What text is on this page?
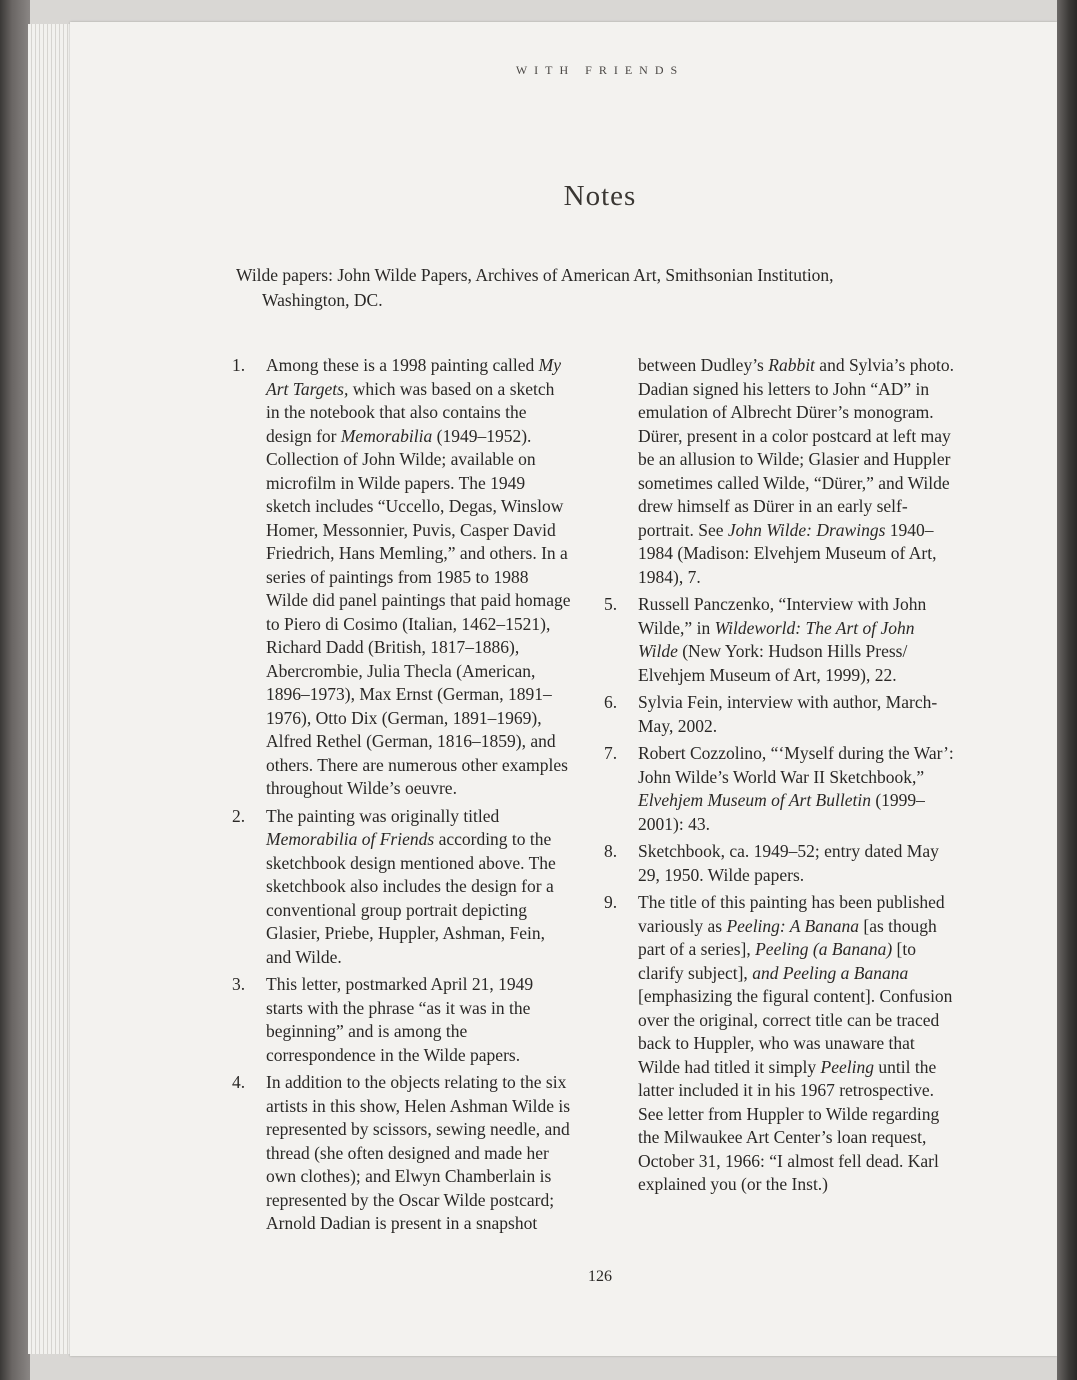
WITH FRIENDS
Notes
Wilde papers: John Wilde Papers, Archives of American Art, Smithsonian Institution, Washington, DC.
1.	Among these is a 1998 painting called My Art Targets, which was based on a sketch in the notebook that also contains the design for Memorabilia (1949–1952). Collection of John Wilde; available on microfilm in Wilde papers. The 1949 sketch includes “Uccello, Degas, Winslow Homer, Messonnier, Puvis, Casper David Friedrich, Hans Memling,” and others. In a series of paintings from 1985 to 1988 Wilde did panel paintings that paid homage to Piero di Cosimo (Italian, 1462–1521), Richard Dadd (British, 1817–1886), Abercrombie, Julia Thecla (American, 1896–1973), Max Ernst (German, 1891–1976), Otto Dix (German, 1891–1969), Alfred Rethel (German, 1816–1859), and others. There are numerous other examples throughout Wilde’s oeuvre.
2.	The painting was originally titled Memorabilia of Friends according to the sketchbook design mentioned above. The sketchbook also includes the design for a conventional group portrait depicting Glasier, Priebe, Huppler, Ashman, Fein, and Wilde.
3.	This letter, postmarked April 21, 1949 starts with the phrase “as it was in the beginning” and is among the correspondence in the Wilde papers.
4.	In addition to the objects relating to the six artists in this show, Helen Ashman Wilde is represented by scissors, sewing needle, and thread (she often designed and made her own clothes); and Elwyn Chamberlain is represented by the Oscar Wilde postcard; Arnold Dadian is present in a snapshot
between Dudley’s Rabbit and Sylvia’s photo. Dadian signed his letters to John “AD” in emulation of Albrecht Dürer’s monogram. Dürer, present in a color postcard at left may be an allusion to Wilde; Glasier and Huppler sometimes called Wilde, “Dürer,” and Wilde drew himself as Dürer in an early self-portrait. See John Wilde: Drawings 1940–1984 (Madison: Elvehjem Museum of Art, 1984), 7.
5.	Russell Panczenko, “Interview with John Wilde,” in Wildeworld: The Art of John Wilde (New York: Hudson Hills Press/ Elvehjem Museum of Art, 1999), 22.
6.	Sylvia Fein, interview with author, March-May, 2002.
7.	Robert Cozzolino, “‘Myself during the War’: John Wilde’s World War II Sketchbook,” Elvehjem Museum of Art Bulletin (1999–2001): 43.
8.	Sketchbook, ca. 1949–52; entry dated May 29, 1950. Wilde papers.
9.	The title of this painting has been published variously as Peeling: A Banana [as though part of a series], Peeling (a Banana) [to clarify subject], and Peeling a Banana [emphasizing the figural content]. Confusion over the original, correct title can be traced back to Huppler, who was unaware that Wilde had titled it simply Peeling until the latter included it in his 1967 retrospective. See letter from Huppler to Wilde regarding the Milwaukee Art Center’s loan request, October 31, 1966: “I almost fell dead. Karl explained you (or the Inst.)
126
